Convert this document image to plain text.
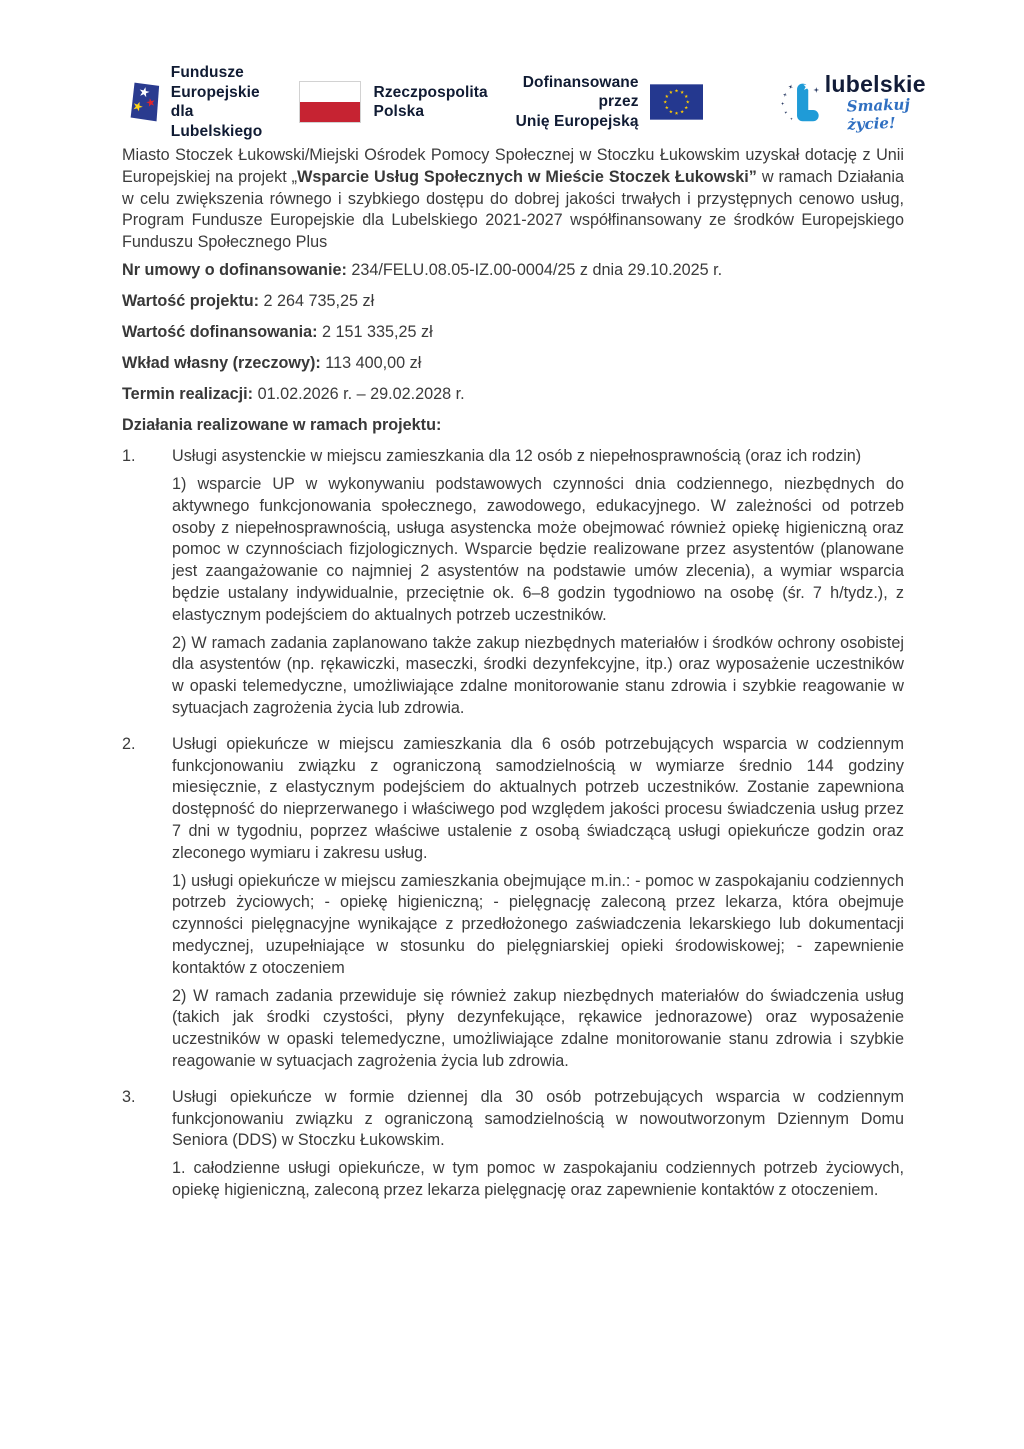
Fundusze Europejskie
dla Lubelskiego
Rzeczpospolita
Polska
Dofinansowane przez
Unię Europejską
lubelskie
Smakuj życie!

Miasto Stoczek Łukowski/Miejski Ośrodek Pomocy Społecznej w Stoczku Łukowskim uzyskał dotację z Unii Europejskiej na projekt „Wsparcie Usług Społecznych w Mieście Stoczek Łukowski” w ramach Działania w celu zwiększenia równego i szybkiego dostępu do dobrej jakości trwałych i przystępnych cenowo usług, Program Fundusze Europejskie dla Lubelskiego 2021-2027 współfinansowany ze środków Europejskiego Funduszu Społecznego Plus

Nr umowy o dofinansowanie: 234/FELU.08.05-IZ.00-0004/25 z dnia 29.10.2025 r.

Wartość projektu: 2 264 735,25 zł

Wartość dofinansowania: 2 151 335,25 zł

Wkład własny (rzeczowy): 113 400,00 zł

Termin realizacji: 01.02.2026 r. – 29.02.2028 r.

Działania realizowane w ramach projektu:

1.	Usługi asystenckie w miejscu zamieszkania dla 12 osób z niepełnosprawnością (oraz ich rodzin)

1) wsparcie UP w wykonywaniu podstawowych czynności dnia codziennego, niezbędnych do aktywnego funkcjonowania społecznego, zawodowego, edukacyjnego. W zależności od potrzeb osoby z niepełnosprawnością, usługa asystencka może obejmować również opiekę higieniczną oraz pomoc w czynnościach fizjologicznych. Wsparcie będzie realizowane przez asystentów (planowane jest zaangażowanie co najmniej 2 asystentów na podstawie umów zlecenia), a wymiar wsparcia będzie ustalany indywidualnie, przeciętnie ok. 6–8 godzin tygodniowo na osobę (śr. 7 h/tydz.), z elastycznym podejściem do aktualnych potrzeb uczestników.

2) W ramach zadania zaplanowano także zakup niezbędnych materiałów i środków ochrony osobistej dla asystentów (np. rękawiczki, maseczki, środki dezynfekcyjne, itp.) oraz wyposażenie uczestników w opaski telemedyczne, umożliwiające zdalne monitorowanie stanu zdrowia i szybkie reagowanie w sytuacjach zagrożenia życia lub zdrowia.

2.	Usługi opiekuńcze w miejscu zamieszkania dla 6 osób potrzebujących wsparcia w codziennym funkcjonowaniu związku z ograniczoną samodzielnością w wymiarze średnio 144 godziny miesięcznie, z elastycznym podejściem do aktualnych potrzeb uczestników. Zostanie zapewniona dostępność do nieprzerwanego i właściwego pod względem jakości procesu świadczenia usług przez 7 dni w tygodniu, poprzez właściwe ustalenie z osobą świadczącą usługi opiekuńcze godzin oraz zleconego wymiaru i zakresu usług.

1) usługi opiekuńcze w miejscu zamieszkania obejmujące m.in.: - pomoc w zaspokajaniu codziennych potrzeb życiowych; - opiekę higieniczną; - pielęgnację zaleconą przez lekarza, która obejmuje czynności pielęgnacyjne wynikające z przedłożonego zaświadczenia lekarskiego lub dokumentacji medycznej, uzupełniające w stosunku do pielęgniarskiej opieki środowiskowej; - zapewnienie kontaktów z otoczeniem

2) W ramach zadania przewiduje się również zakup niezbędnych materiałów do świadczenia usług (takich jak środki czystości, płyny dezynfekujące, rękawice jednorazowe) oraz wyposażenie uczestników w opaski telemedyczne, umożliwiające zdalne monitorowanie stanu zdrowia i szybkie reagowanie w sytuacjach zagrożenia życia lub zdrowia.

3.	Usługi opiekuńcze w formie dziennej dla 30 osób potrzebujących wsparcia w codziennym funkcjonowaniu związku z ograniczoną samodzielnością w nowoutworzonym Dziennym Domu Seniora (DDS) w Stoczku Łukowskim.

1. całodzienne usługi opiekuńcze, w tym pomoc w zaspokajaniu codziennych potrzeb życiowych, opiekę higieniczną, zaleconą przez lekarza pielęgnację oraz zapewnienie kontaktów z otoczeniem.
